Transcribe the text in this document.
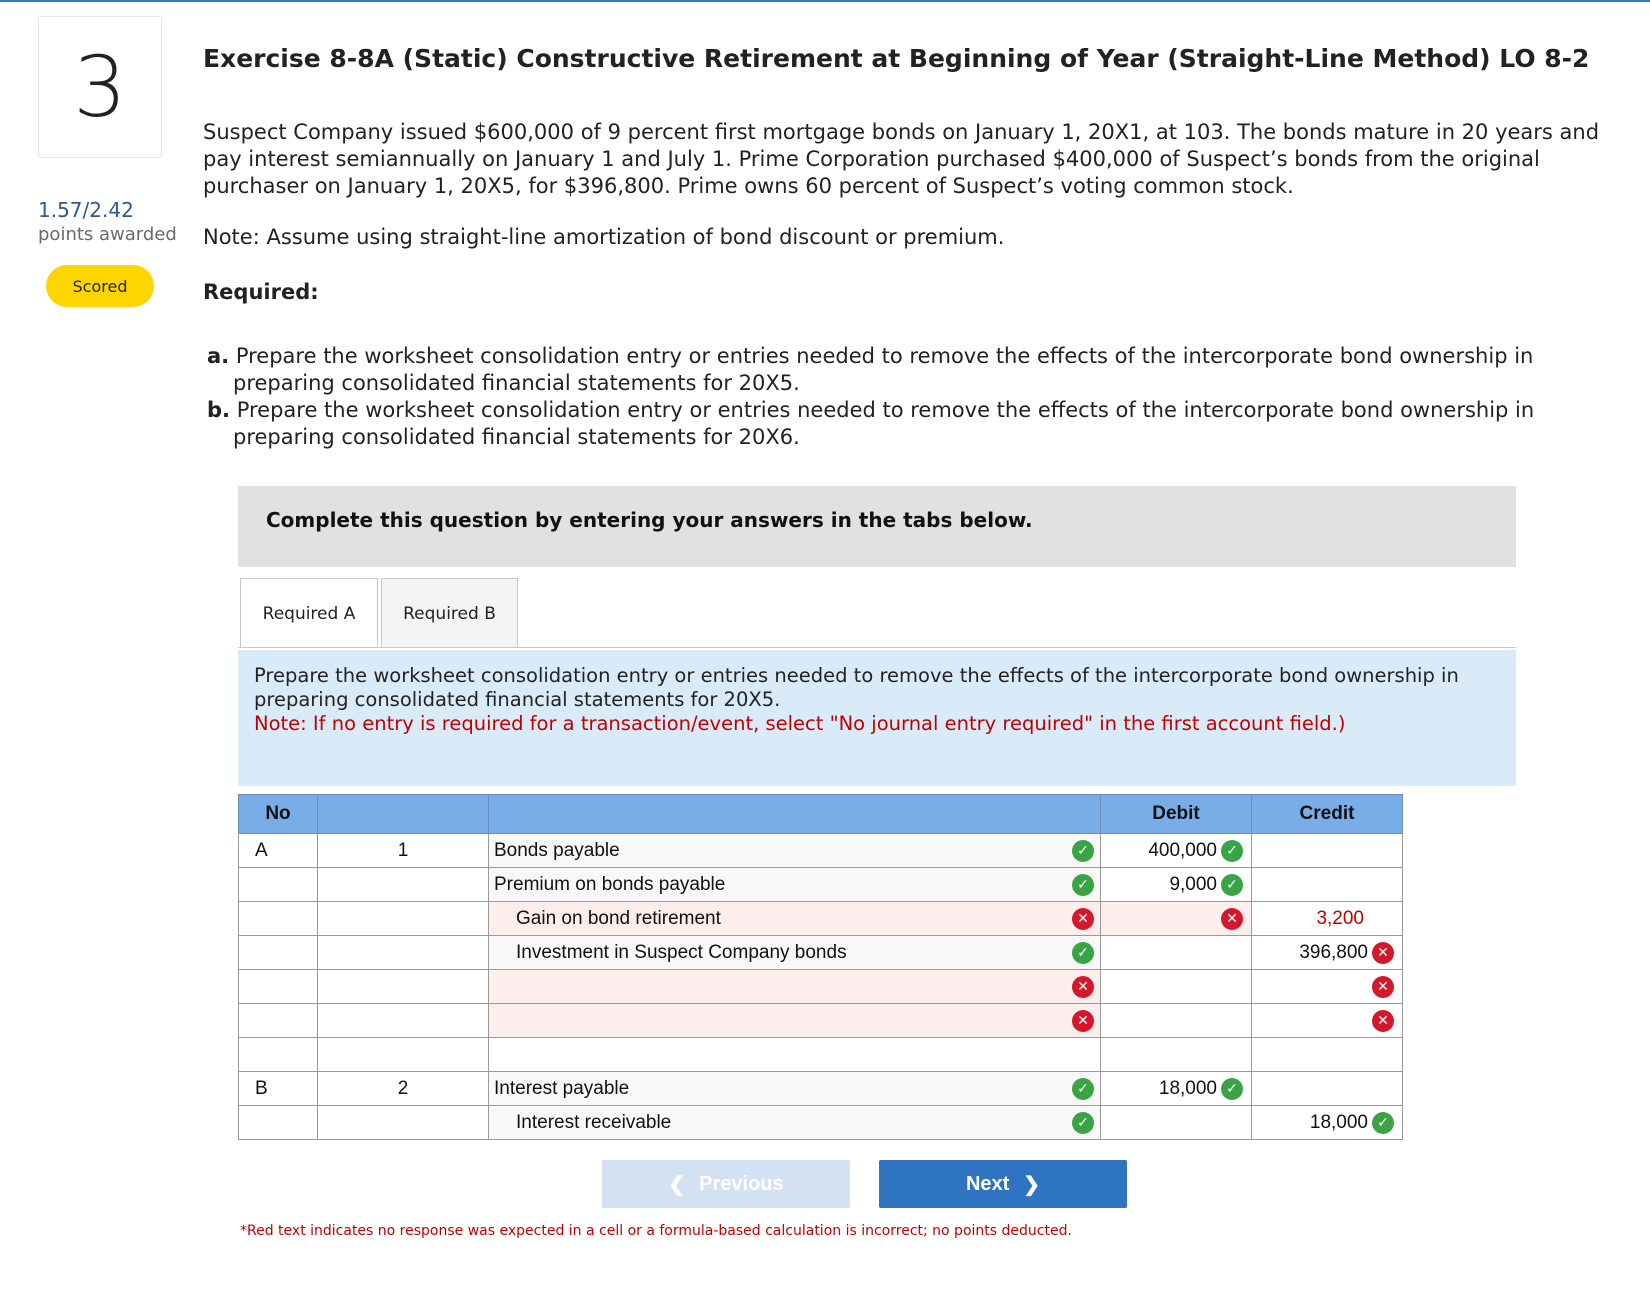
3
1.57/2.42
points awarded
Scored
Exercise 8-8A (Static) Constructive Retirement at Beginning of Year (Straight-Line Method) LO 8-2
Suspect Company issued $600,000 of 9 percent first mortgage bonds on January 1, 20X1, at 103. The bonds mature in 20 years and pay interest semiannually on January 1 and July 1. Prime Corporation purchased $400,000 of Suspect’s bonds from the original purchaser on January 1, 20X5, for $396,800. Prime owns 60 percent of Suspect’s voting common stock.
Note: Assume using straight-line amortization of bond discount or premium.
Required:
a. Prepare the worksheet consolidation entry or entries needed to remove the effects of the intercorporate bond ownership in preparing consolidated financial statements for 20X5.
b. Prepare the worksheet consolidation entry or entries needed to remove the effects of the intercorporate bond ownership in preparing consolidated financial statements for 20X6.
Complete this question by entering your answers in the tabs below.
Required A	Required B
Prepare the worksheet consolidation entry or entries needed to remove the effects of the intercorporate bond ownership in preparing consolidated financial statements for 20X5.
Note: If no entry is required for a transaction/event, select "No journal entry required" in the first account field.)
No			Debit	Credit
A	1	Bonds payable ✓	400,000 ✓	

		Premium on bonds payable ✓	9,000 ✓	

		Gain on bond retirement ✕	✕	3,200

		Investment in Suspect Company bonds ✓		396,800 ✕

✕		✕

✕		✕

B	2	Interest payable ✓	18,000 ✓	

		Interest receivable ✓		18,000 ✓
❮ Previous	Next ❯
*Red text indicates no response was expected in a cell or a formula-based calculation is incorrect; no points deducted.
